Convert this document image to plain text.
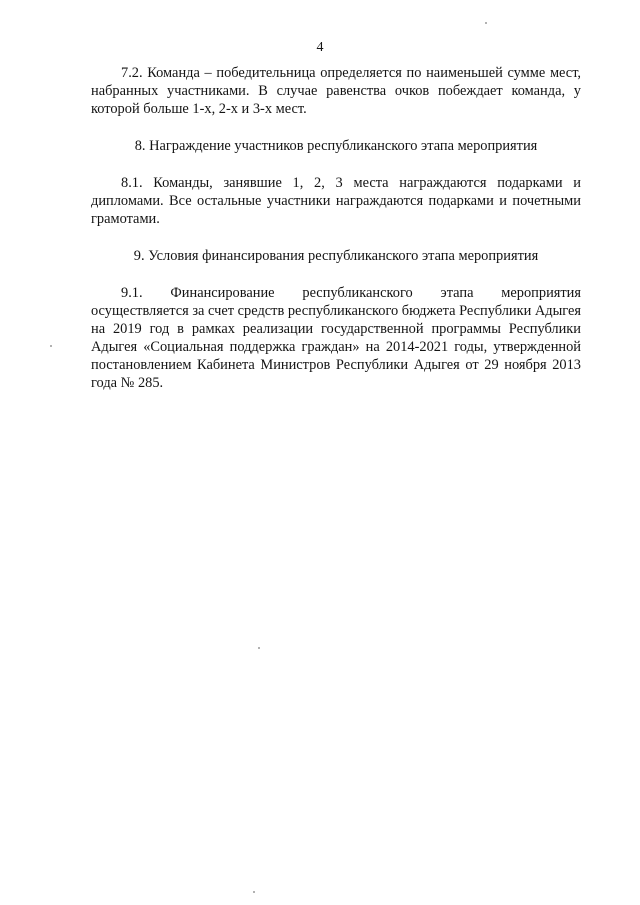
4

7.2. Команда – победительница определяется по наименьшей сумме мест, набранных участниками. В случае равенства очков побеждает команда, у которой больше 1-х, 2-х и 3-х мест.

8. Награждение участников республиканского этапа мероприятия

8.1. Команды, занявшие 1, 2, 3 места награждаются подарками и дипломами. Все остальные участники награждаются подарками и почетными грамотами.

9. Условия финансирования республиканского этапа мероприятия

9.1. Финансирование республиканского этапа мероприятия осуществляется за счет средств республиканского бюджета Республики Адыгея на 2019 год в рамках реализации государственной программы Республики Адыгея «Социальная поддержка граждан» на 2014-2021 годы, утвержденной постановлением Кабинета Министров Республики Адыгея от 29 ноября 2013 года № 285.
